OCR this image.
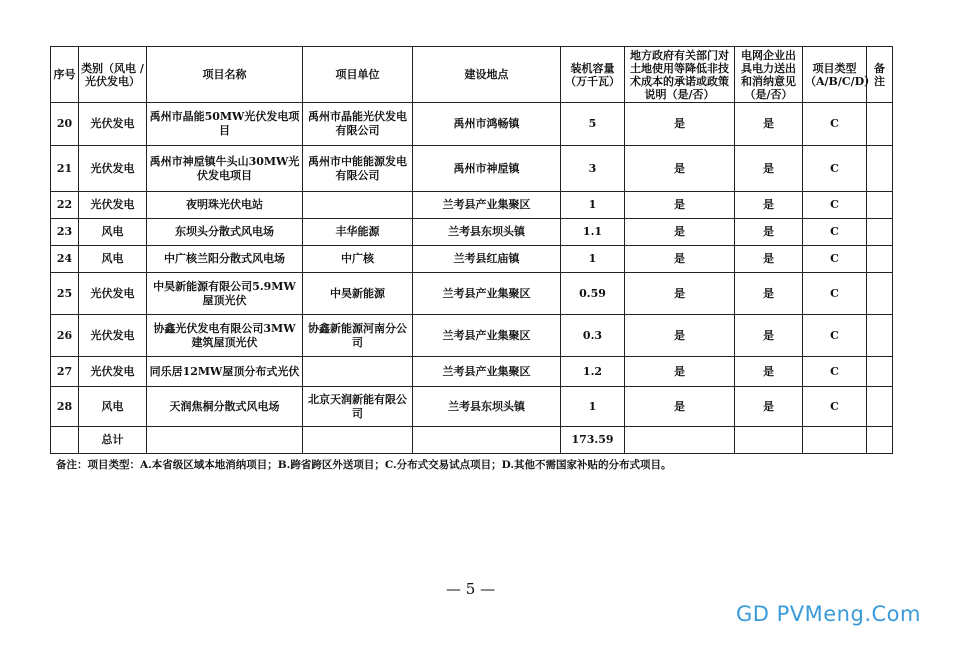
序号	类别（风电 / 光伏发电）	项目名称	项目单位	建设地点	装机容量（万千瓦）	地方政府有关部门对土地使用等降低非技术成本的承诺或政策说明（是/否）	电网企业出具电力送出和消纳意见（是/否）	项目类型（A/B/C/D）	备注
20	光伏发电	禹州市晶能50MW光伏发电项目	禹州市晶能光伏发电有限公司	禹州市鸿畅镇	5	是	是	C	
21	光伏发电	禹州市神垕镇牛头山30MW光伏发电项目	禹州市中能能源发电有限公司	禹州市神垕镇	3	是	是	C	
22	光伏发电	夜明珠光伏电站		兰考县产业集聚区	1	是	是	C	
23	风电	东坝头分散式风电场	丰华能源	兰考县东坝头镇	1.1	是	是	C	
24	风电	中广核兰阳分散式风电场	中广核	兰考县红庙镇	1	是	是	C	
25	光伏发电	中昊新能源有限公司5.9MW屋顶光伏	中昊新能源	兰考县产业集聚区	0.59	是	是	C	
26	光伏发电	协鑫光伏发电有限公司3MW建筑屋顶光伏	协鑫新能源河南分公司	兰考县产业集聚区	0.3	是	是	C	
27	光伏发电	同乐居12MW屋顶分布式光伏		兰考县产业集聚区	1.2	是	是	C	
28	风电	天润焦桐分散式风电场	北京天润新能有限公司	兰考县东坝头镇	1	是	是	C	
	总计				173.59				
备注：项目类型：A.本省级区域本地消纳项目；B.跨省跨区外送项目；C.分布式交易试点项目；D.其他不需国家补贴的分布式项目。
— 5 —
GD PVMeng.Com
